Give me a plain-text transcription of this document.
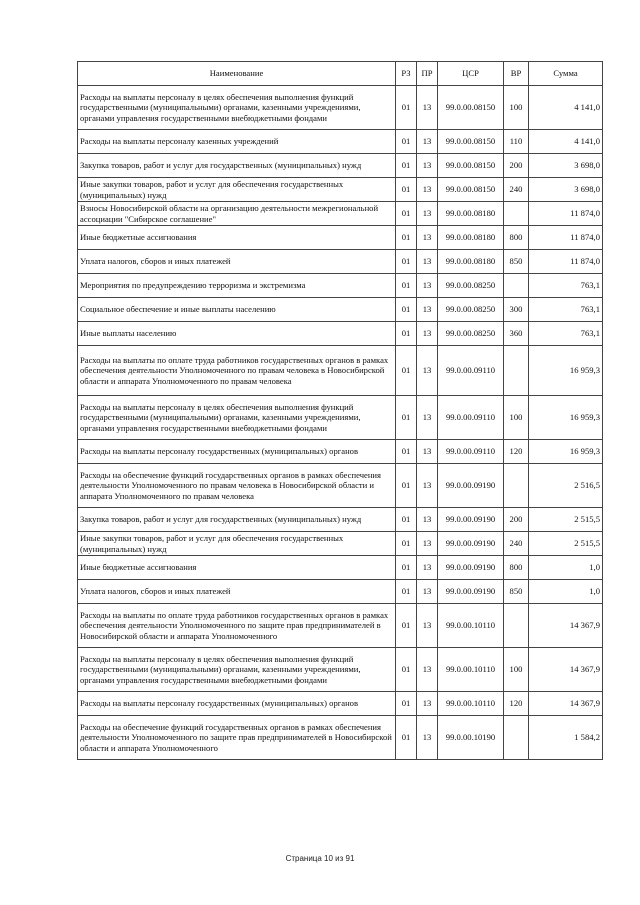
Наименование	РЗ	ПР	ЦСР	ВР	Сумма
Расходы на выплаты персоналу в целях обеспечения выполнения функций государственными (муниципальными) органами, казенными учреждениями, органами управления государственными внебюджетными фондами	01	13	99.0.00.08150	100	4 141,0
Расходы на выплаты персоналу казенных учреждений	01	13	99.0.00.08150	110	4 141,0
Закупка товаров, работ и услуг для государственных (муниципальных) нужд	01	13	99.0.00.08150	200	3 698,0
Иные закупки товаров, работ и услуг для обеспечения государственных (муниципальных) нужд	01	13	99.0.00.08150	240	3 698,0
Взносы Новосибирской области на организацию деятельности межрегиональной ассоциации "Сибирское соглашение"	01	13	99.0.00.08180		11 874,0
Иные бюджетные ассигнования	01	13	99.0.00.08180	800	11 874,0
Уплата налогов, сборов и иных платежей	01	13	99.0.00.08180	850	11 874,0
Мероприятия по предупреждению терроризма и экстремизма	01	13	99.0.00.08250		763,1
Социальное обеспечение и иные выплаты населению	01	13	99.0.00.08250	300	763,1
Иные выплаты населению	01	13	99.0.00.08250	360	763,1
Расходы на выплаты по оплате труда работников государственных органов в рамках обеспечения деятельности Уполномоченного по правам человека в Новосибирской области и аппарата Уполномоченного по правам человека	01	13	99.0.00.09110		16 959,3
Расходы на выплаты персоналу в целях обеспечения выполнения функций государственными (муниципальными) органами, казенными учреждениями, органами управления государственными внебюджетными фондами	01	13	99.0.00.09110	100	16 959,3
Расходы на выплаты персоналу государственных (муниципальных) органов	01	13	99.0.00.09110	120	16 959,3
Расходы на обеспечение функций государственных органов в рамках обеспечения деятельности Уполномоченного по правам человека в Новосибирской области и аппарата Уполномоченного по правам человека	01	13	99.0.00.09190		2 516,5
Закупка товаров, работ и услуг для государственных (муниципальных) нужд	01	13	99.0.00.09190	200	2 515,5
Иные закупки товаров, работ и услуг для обеспечения государственных (муниципальных) нужд	01	13	99.0.00.09190	240	2 515,5
Иные бюджетные ассигнования	01	13	99.0.00.09190	800	1,0
Уплата налогов, сборов и иных платежей	01	13	99.0.00.09190	850	1,0
Расходы на выплаты по оплате труда работников государственных органов в рамках обеспечения деятельности Уполномоченного по защите прав предпринимателей в Новосибирской области и аппарата Уполномоченного	01	13	99.0.00.10110		14 367,9
Расходы на выплаты персоналу в целях обеспечения выполнения функций государственными (муниципальными) органами, казенными учреждениями, органами управления государственными внебюджетными фондами	01	13	99.0.00.10110	100	14 367,9
Расходы на выплаты персоналу государственных (муниципальных) органов	01	13	99.0.00.10110	120	14 367,9
Расходы на обеспечение функций государственных органов в рамках обеспечения деятельности Уполномоченного по защите прав предпринимателей в Новосибирской области и аппарата Уполномоченного	01	13	99.0.00.10190		1 584,2
Страница 10 из 91
